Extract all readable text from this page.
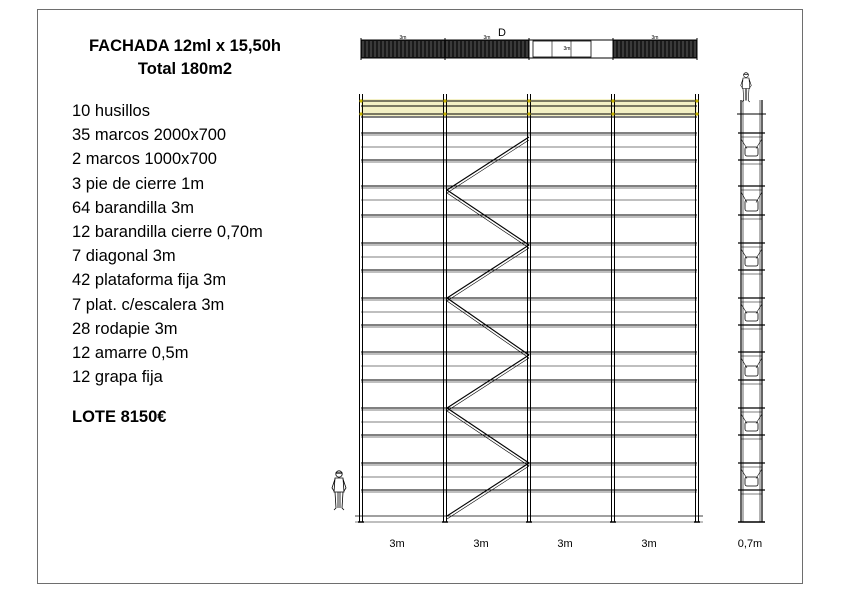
FACHADA 12ml x 15,50h
Total 180m2
10 husillos
35 marcos 2000x700
2 marcos 1000x700
3 pie de cierre 1m
64 barandilla 3m
12 barandilla cierre 0,70m
7 diagonal 3m
42 plataforma fija 3m
7 plat. c/escalera 3m
28 rodapie 3m
12 amarre 0,5m
12 grapa fija
LOTE 8150€
3m	3m	3m	3m	0,7m
D
3m	3m
3m
3m
